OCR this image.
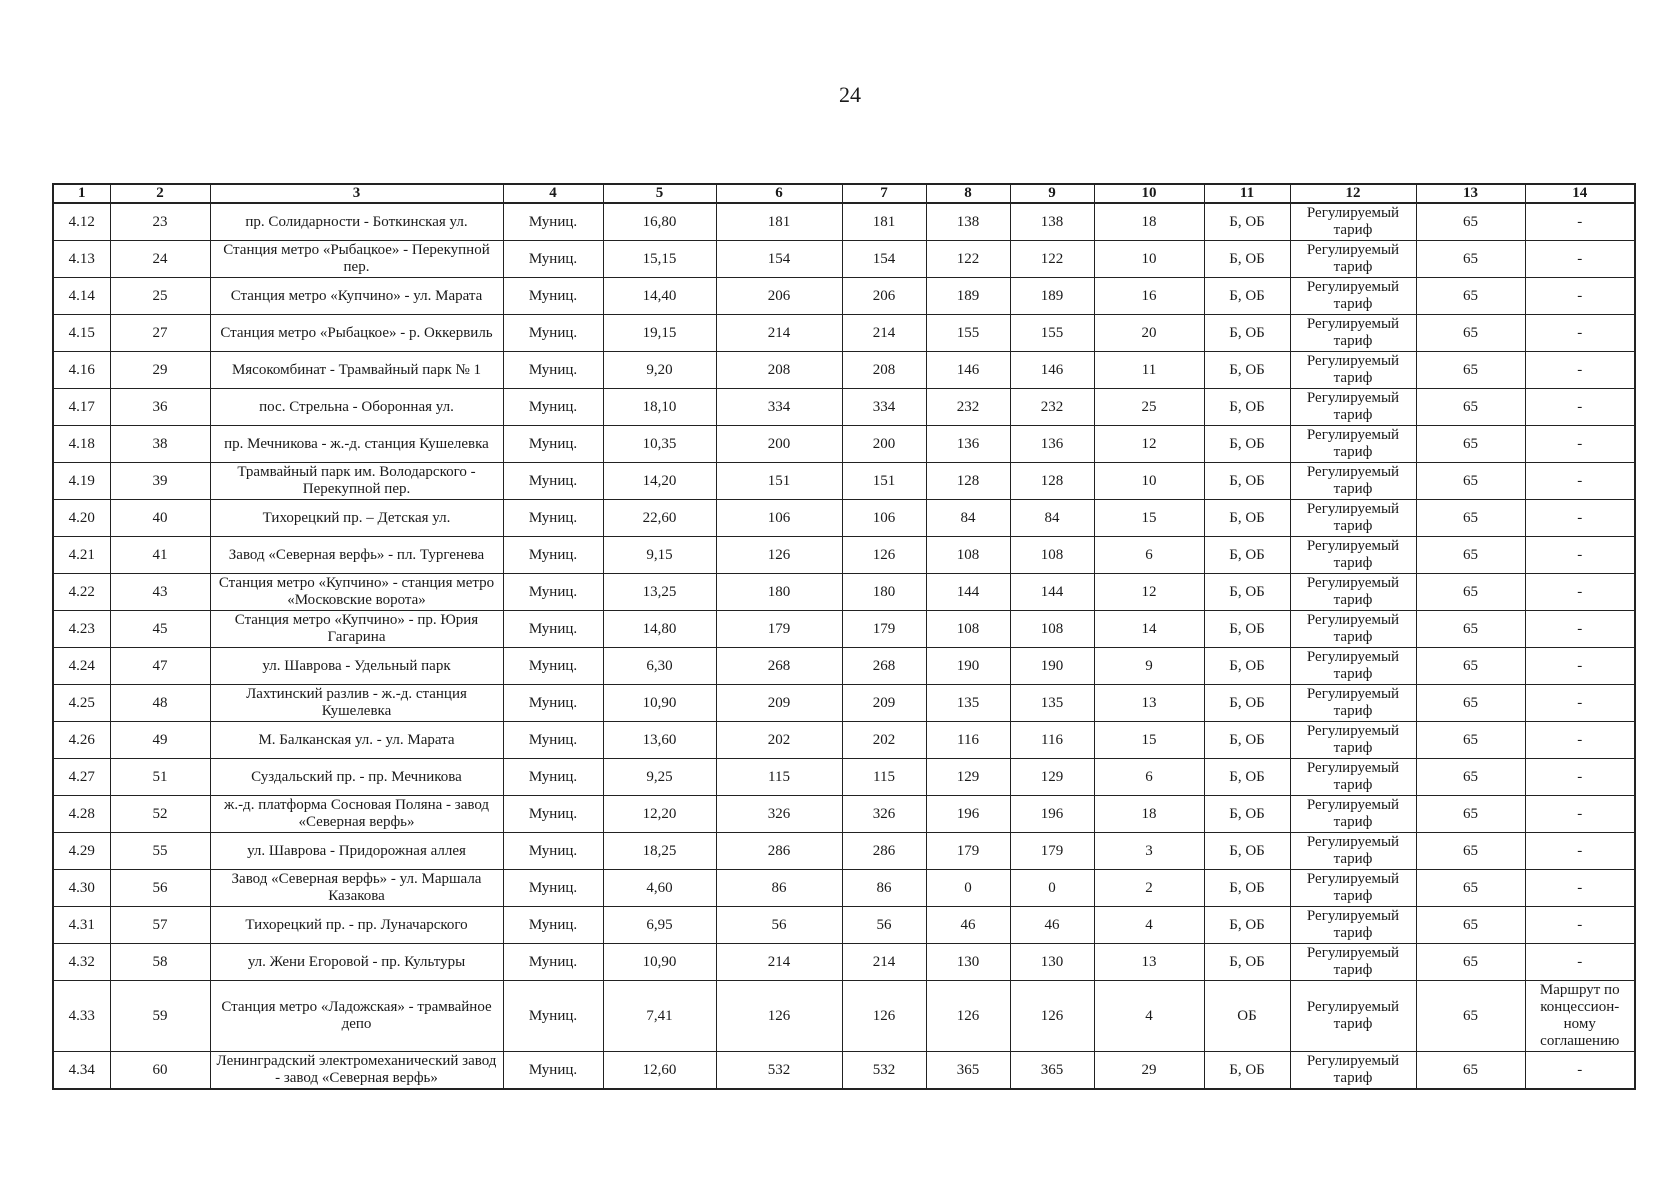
24
1	2	3	4	5	6	7	8	9	10	11	12	13	14
4.12	23	пр. Солидарности - Боткинская ул.	Муниц.	16,80	181	181	138	138	18	Б, ОБ	Регулируемый тариф	65	-
4.13	24	Станция метро «Рыбацкое» - Перекупной пер.	Муниц.	15,15	154	154	122	122	10	Б, ОБ	Регулируемый тариф	65	-
4.14	25	Станция метро «Купчино» - ул. Марата	Муниц.	14,40	206	206	189	189	16	Б, ОБ	Регулируемый тариф	65	-
4.15	27	Станция метро «Рыбацкое» - р. Оккервиль	Муниц.	19,15	214	214	155	155	20	Б, ОБ	Регулируемый тариф	65	-
4.16	29	Мясокомбинат - Трамвайный парк № 1	Муниц.	9,20	208	208	146	146	11	Б, ОБ	Регулируемый тариф	65	-
4.17	36	пос. Стрельна - Оборонная ул.	Муниц.	18,10	334	334	232	232	25	Б, ОБ	Регулируемый тариф	65	-
4.18	38	пр. Мечникова - ж.-д. станция Кушелевка	Муниц.	10,35	200	200	136	136	12	Б, ОБ	Регулируемый тариф	65	-
4.19	39	Трамвайный парк им. Володарского - Перекупной пер.	Муниц.	14,20	151	151	128	128	10	Б, ОБ	Регулируемый тариф	65	-
4.20	40	Тихорецкий пр. – Детская ул.	Муниц.	22,60	106	106	84	84	15	Б, ОБ	Регулируемый тариф	65	-
4.21	41	Завод «Северная верфь» - пл. Тургенева	Муниц.	9,15	126	126	108	108	6	Б, ОБ	Регулируемый тариф	65	-
4.22	43	Станция метро «Купчино» - станция метро «Московские ворота»	Муниц.	13,25	180	180	144	144	12	Б, ОБ	Регулируемый тариф	65	-
4.23	45	Станция метро «Купчино» - пр. Юрия Гагарина	Муниц.	14,80	179	179	108	108	14	Б, ОБ	Регулируемый тариф	65	-
4.24	47	ул. Шаврова - Удельный парк	Муниц.	6,30	268	268	190	190	9	Б, ОБ	Регулируемый тариф	65	-
4.25	48	Лахтинский разлив - ж.-д. станция Кушелевка	Муниц.	10,90	209	209	135	135	13	Б, ОБ	Регулируемый тариф	65	-
4.26	49	М. Балканская ул. - ул. Марата	Муниц.	13,60	202	202	116	116	15	Б, ОБ	Регулируемый тариф	65	-
4.27	51	Суздальский пр. - пр. Мечникова	Муниц.	9,25	115	115	129	129	6	Б, ОБ	Регулируемый тариф	65	-
4.28	52	ж.-д. платформа Сосновая Поляна - завод «Северная верфь»	Муниц.	12,20	326	326	196	196	18	Б, ОБ	Регулируемый тариф	65	-
4.29	55	ул. Шаврова - Придорожная аллея	Муниц.	18,25	286	286	179	179	3	Б, ОБ	Регулируемый тариф	65	-
4.30	56	Завод «Северная верфь» - ул. Маршала Казакова	Муниц.	4,60	86	86	0	0	2	Б, ОБ	Регулируемый тариф	65	-
4.31	57	Тихорецкий пр. - пр. Луначарского	Муниц.	6,95	56	56	46	46	4	Б, ОБ	Регулируемый тариф	65	-
4.32	58	ул. Жени Егоровой - пр. Культуры	Муниц.	10,90	214	214	130	130	13	Б, ОБ	Регулируемый тариф	65	-
4.33	59	Станция метро «Ладожская» - трамвайное депо	Муниц.	7,41	126	126	126	126	4	ОБ	Регулируемый тариф	65	Маршрут по концессион-ному соглашению
4.34	60	Ленинградский электромеханический завод - завод «Северная верфь»	Муниц.	12,60	532	532	365	365	29	Б, ОБ	Регулируемый тариф	65	-
